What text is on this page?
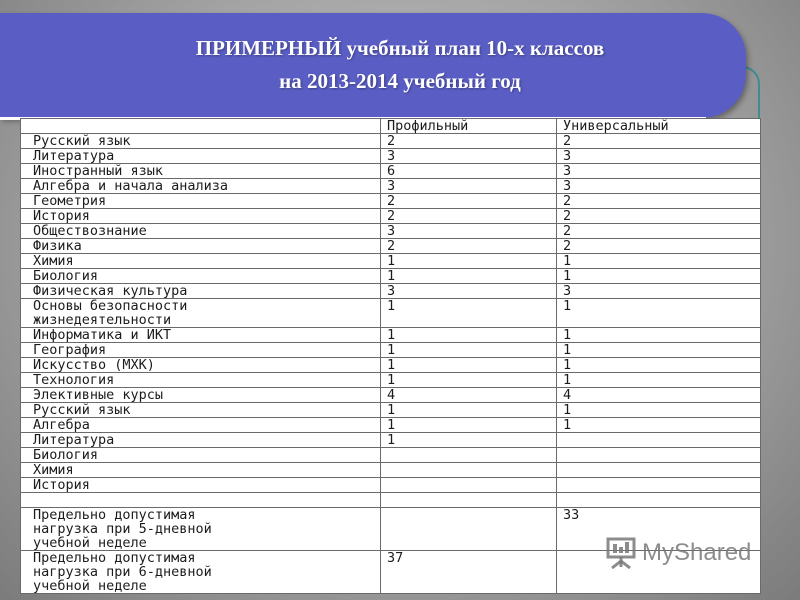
ПРИМЕРНЫЙ учебный план 10-х классов
на 2013-2014 учебный год
	Профильный	Универсальный
Русский язык	2	2
Литература	3	3
Иностранный язык	6	3
Алгебра и начала анализа	3	3
Геометрия	2	2
История	2	2
Обществознание	3	2
Физика	2	2
Химия	1	1
Биология	1	1
Физическая культура	3	3
Основы безопасности
жизнедеятельности	1	1
Информатика и ИКТ	1	1
География	1	1
Искусство (МХК)	1	1
Технология	1	1
Элективные курсы	4	4
Русский язык	1	1
Алгебра	1	1
Литература	1	
Биология		
Химия		
История		

Предельно допустимая
нагрузка при 5-дневной
учебной неделе		33
Предельно допустимая
нагрузка при 6-дневной
учебной неделе	37		MyShared
